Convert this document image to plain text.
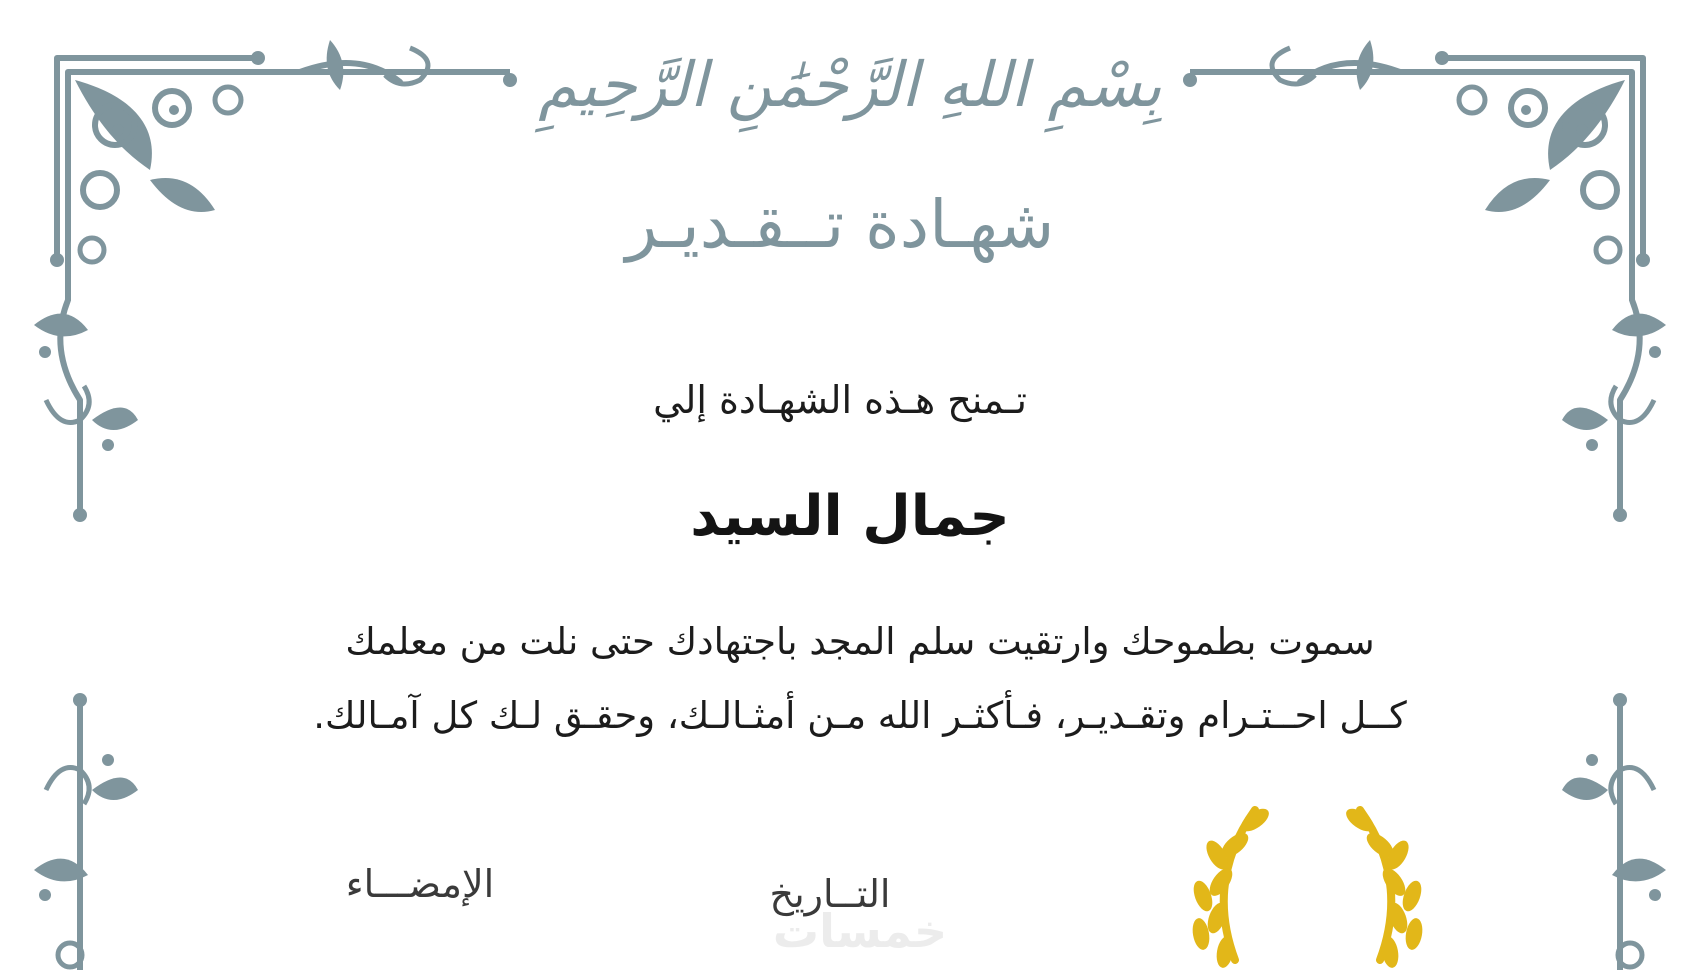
بِسْمِ اللهِ الرَّحْمَٰنِ الرَّحِيمِ
شهـادة تــقـديـر
تـمنح هـذه الشهـادة إلي
جمال السيد
سموت بطموحك وارتقيت سلم المجد باجتهادك حتى نلت من معلمك
كــل احــتـرام وتقـديـر، فـأكثـر الله مـن أمثـالـك، وحقـق لـك كل آمـالك.
الإمضـــاء
خمسات
التــاريخ
